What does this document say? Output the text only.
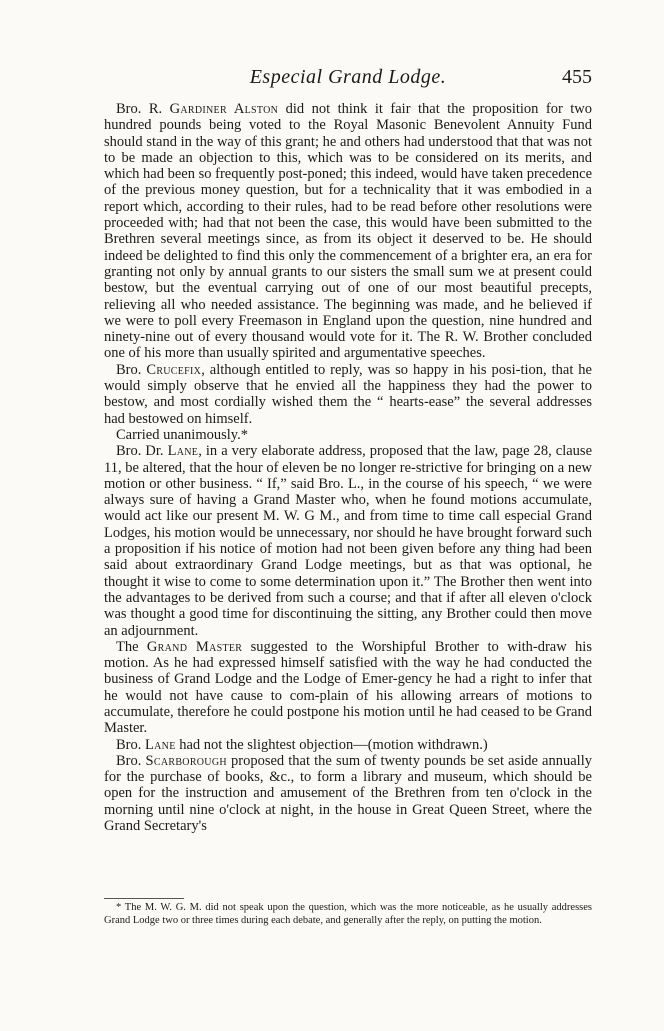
Especial Grand Lodge.	455

Bro. R. Gardiner Alston did not think it fair that the proposition for two hundred pounds being voted to the Royal Masonic Benevolent Annuity Fund should stand in the way of this grant; he and others had understood that that was not to be made an objection to this, which was to be considered on its merits, and which had been so frequently post-poned; this indeed, would have taken precedence of the previous money question, but for a technicality that it was embodied in a report which, according to their rules, had to be read before other resolutions were proceeded with; had that not been the case, this would have been submitted to the Brethren several meetings since, as from its object it deserved to be. He should indeed be delighted to find this only the commencement of a brighter era, an era for granting not only by annual grants to our sisters the small sum we at present could bestow, but the eventual carrying out of one of our most beautiful precepts, relieving all who needed assistance. The beginning was made, and he believed if we were to poll every Freemason in England upon the question, nine hundred and ninety-nine out of every thousand would vote for it. The R. W. Brother concluded one of his more than usually spirited and argumentative speeches.

Bro. Crucefix, although entitled to reply, was so happy in his posi-tion, that he would simply observe that he envied all the happiness they had the power to bestow, and most cordially wished them the “ hearts-ease” the several addresses had bestowed on himself.

Carried unanimously.*

Bro. Dr. Lane, in a very elaborate address, proposed that the law, page 28, clause 11, be altered, that the hour of eleven be no longer re-strictive for bringing on a new motion or other business. “ If,” said Bro. L., in the course of his speech, “ we were always sure of having a Grand Master who, when he found motions accumulate, would act like our present M. W. G M., and from time to time call especial Grand Lodges, his motion would be unnecessary, nor should he have brought forward such a proposition if his notice of motion had not been given before any thing had been said about extraordinary Grand Lodge meetings, but as that was optional, he thought it wise to come to some determination upon it.” The Brother then went into the advantages to be derived from such a course; and that if after all eleven o'clock was thought a good time for discontinuing the sitting, any Brother could then move an adjournment.

The Grand Master suggested to the Worshipful Brother to with-draw his motion. As he had expressed himself satisfied with the way he had conducted the business of Grand Lodge and the Lodge of Emer-gency he had a right to infer that he would not have cause to com-plain of his allowing arrears of motions to accumulate, therefore he could postpone his motion until he had ceased to be Grand Master.

Bro. Lane had not the slightest objection—(motion withdrawn.)

Bro. Scarborough proposed that the sum of twenty pounds be set aside annually for the purchase of books, &c., to form a library and museum, which should be open for the instruction and amusement of the Brethren from ten o'clock in the morning until nine o'clock at night, in the house in Great Queen Street, where the Grand Secretary's

* The M. W. G. M. did not speak upon the question, which was the more noticeable, as he usually addresses Grand Lodge two or three times during each debate, and generally after the reply, on putting the motion.
